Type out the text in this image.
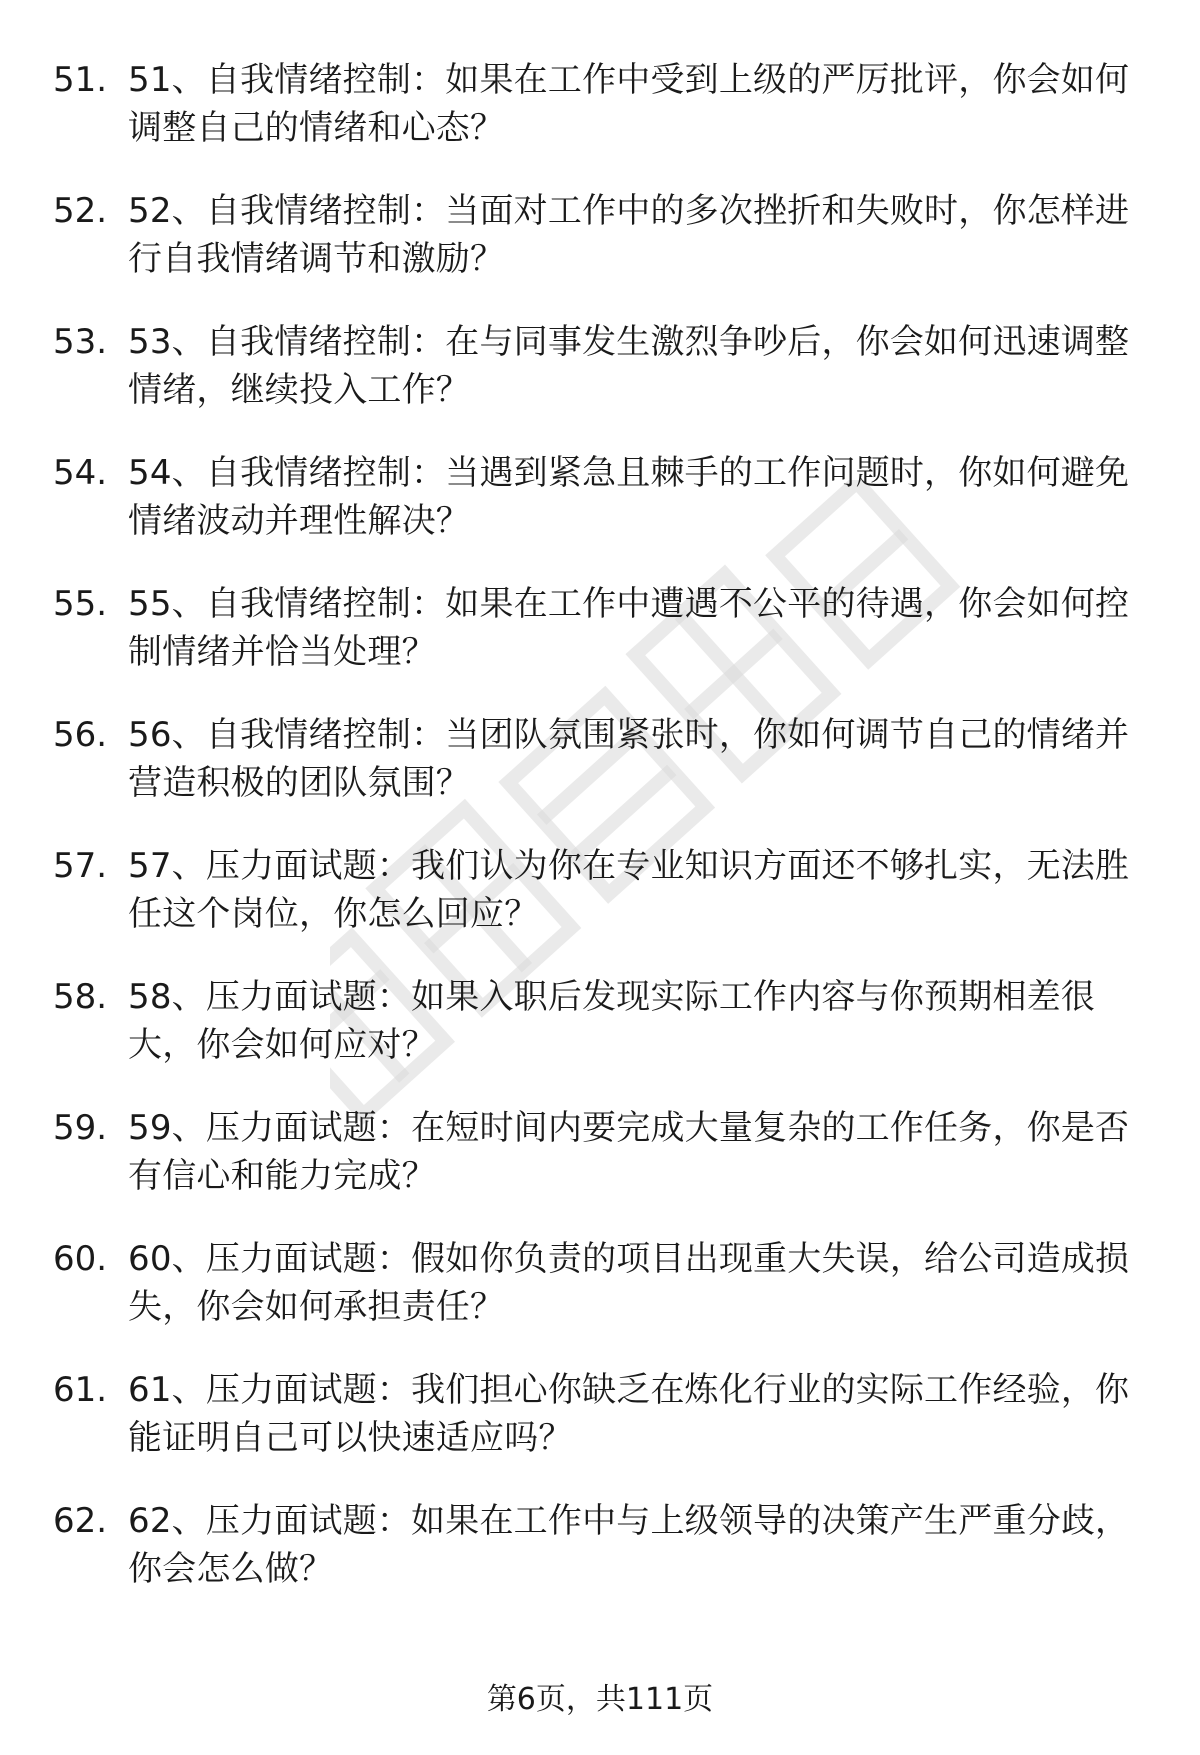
51. 51、自我情绪控制：如果在工作中受到上级的严厉批评，你会如何调整自己的情绪和心态？
52. 52、自我情绪控制：当面对工作中的多次挫折和失败时，你怎样进行自我情绪调节和激励？
53. 53、自我情绪控制：在与同事发生激烈争吵后，你会如何迅速调整情绪，继续投入工作？
54. 54、自我情绪控制：当遇到紧急且棘手的工作问题时，你如何避免情绪波动并理性解决？
55. 55、自我情绪控制：如果在工作中遭遇不公平的待遇，你会如何控制情绪并恰当处理？
56. 56、自我情绪控制：当团队氛围紧张时，你如何调节自己的情绪并营造积极的团队氛围？
57. 57、压力面试题：我们认为你在专业知识方面还不够扎实，无法胜任这个岗位，你怎么回应？
58. 58、压力面试题：如果入职后发现实际工作内容与你预期相差很大，你会如何应对？
59. 59、压力面试题：在短时间内要完成大量复杂的工作任务，你是否有信心和能力完成？
60. 60、压力面试题：假如你负责的项目出现重大失误，给公司造成损失，你会如何承担责任？
61. 61、压力面试题：我们担心你缺乏在炼化行业的实际工作经验，你能证明自己可以快速适应吗？
62. 62、压力面试题：如果在工作中与上级领导的决策产生严重分歧，你会怎么做？
第6页，共111页
